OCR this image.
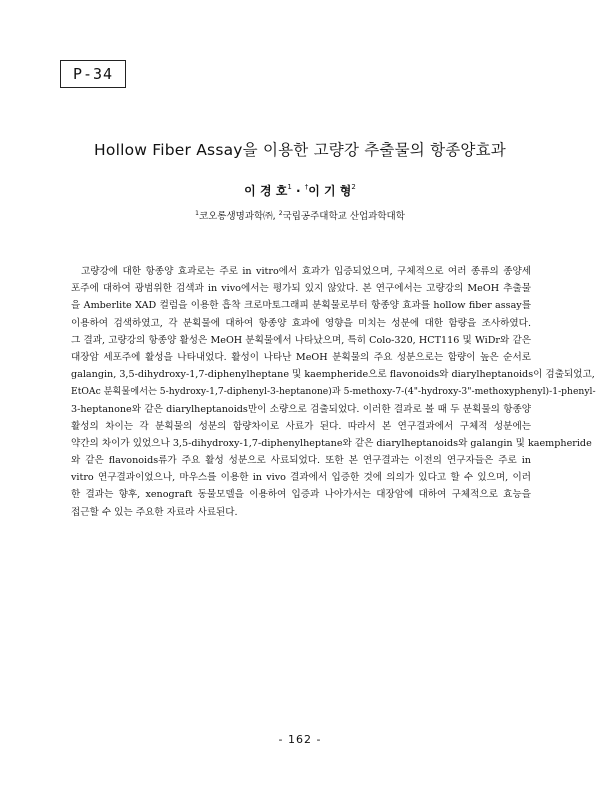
P-34
Hollow Fiber Assay을 이용한 고량강 추출물의 항종양효과
이 경 호$^1$ · †이 기 형$^2$
$^1$코오롱생명과학㈜, $^2$국립공주대학교 산업과학대학
고량강에 대한 항종양 효과로는 주로 in vitro에서 효과가 입증되었으며, 구체적으로 여러 종류의 종양세
포주에 대하여 광범위한 검색과 in vivo에서는 평가되 있지 않았다. 본 연구에서는 고량강의 MeOH 추출물
을 Amberlite XAD 컬럼을 이용한 흡착 크로마토그래피 분획물로부터 항종양 효과를 hollow fiber assay를
이용하여 검색하였고, 각 분획물에 대하여 항종양 효과에 영향을 미치는 성분에 대한 함량을 조사하였다.
그 결과, 고량강의 항종양 활성은 MeOH 분획물에서 나타났으며, 특히 Colo-320, HCT116 및 WiDr와 같은
대장암 세포주에 활성을 나타내었다. 활성이 나타난 MeOH 분획물의 주요 성분으로는 함량이 높은 순서로
galangin, 3,5-dihydroxy-1,7-diphenylheptane 및 kaempheride으로 flavonoids와 diarylheptanoids이 검출되었고,
EtOAc 분획물에서는 5-hydroxy-1,7-diphenyl-3-heptanone)과 5-methoxy-7-(4"-hydroxy-3"-methoxyphenyl)-1-phenyl-
3-heptanone와 같은 diarylheptanoids만이 소량으로 검출되었다. 이러한 결과로 볼 때 두 분획물의 항종양
활성의 차이는 각 분획물의 성분의 함량차이로 사료가 된다. 따라서 본 연구결과에서 구체적 성분에는
약간의 차이가 있었으나 3,5-dihydroxy-1,7-diphenylheptane와 같은 diarylheptanoids와 galangin 및 kaempheride
와 같은 flavonoids류가 주요 활성 성분으로 사료되었다. 또한 본 연구결과는 이전의 연구자들은 주로 in
vitro 연구결과이었으나, 마우스를 이용한 in vivo 결과에서 입증한 것에 의의가 있다고 할 수 있으며, 이러
한 결과는 향후, xenograft 동물모델을 이용하여 입증과 나아가서는 대장암에 대하여 구체적으로 효능을
접근할 수 있는 주요한 자료라 사료된다.
- 162 -
